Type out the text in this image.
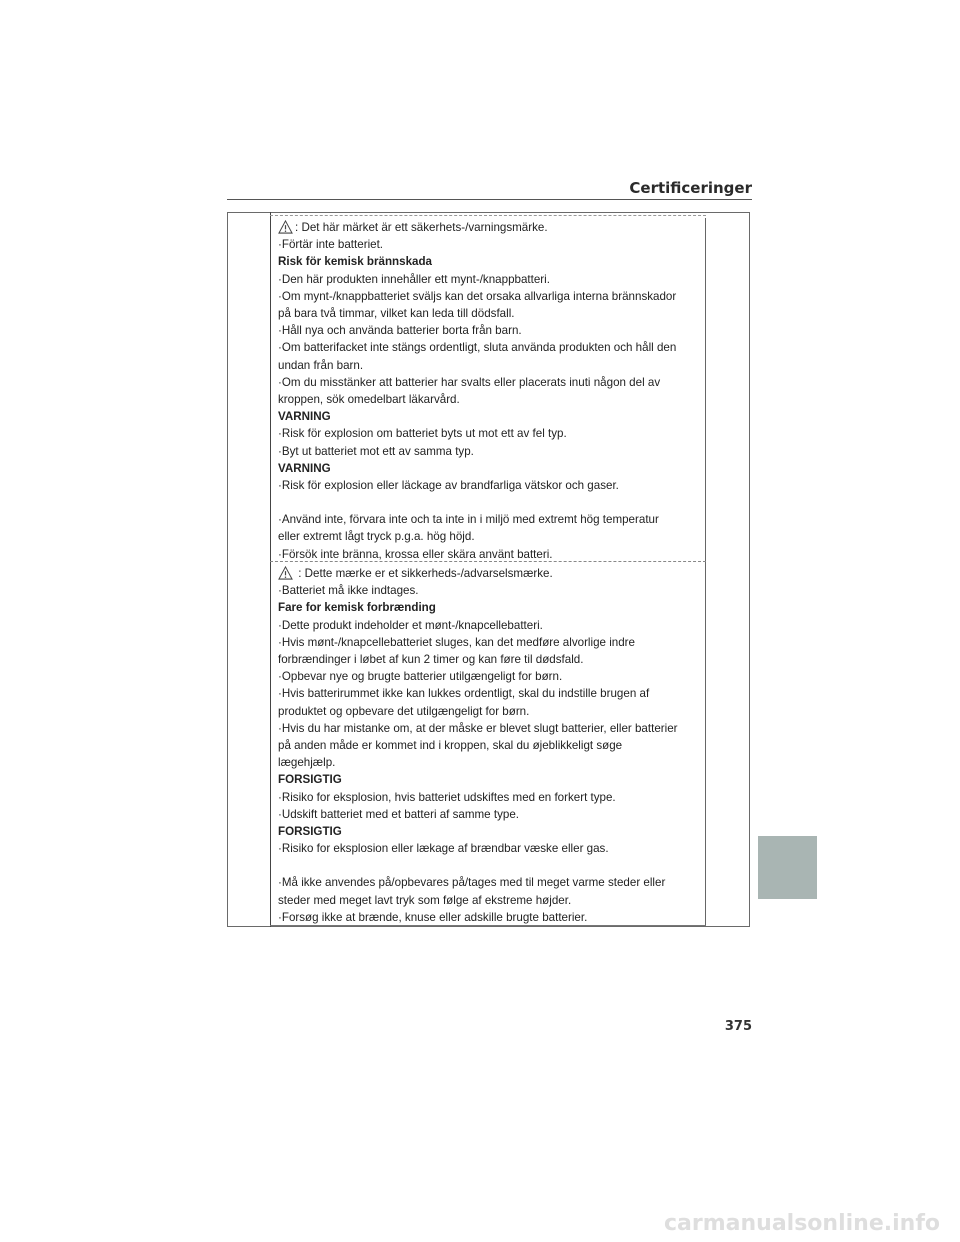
Certificeringer

: Det här märket är ett säkerhets-/varningsmärke.

·Förtär inte batteriet.

Risk för kemisk brännskada

·Den här produkten innehåller ett mynt-/knappbatteri.

·Om mynt-/knappbatteriet sväljs kan det orsaka allvarliga interna brännskador

på bara två timmar, vilket kan leda till dödsfall.

·Håll nya och använda batterier borta från barn.

·Om batterifacket inte stängs ordentligt, sluta använda produkten och håll den

undan från barn.

·Om du misstänker att batterier har svalts eller placerats inuti någon del av

kroppen, sök omedelbart läkarvård.

VARNING

·Risk för explosion om batteriet byts ut mot ett av fel typ.

·Byt ut batteriet mot ett av samma typ.

VARNING

·Risk för explosion eller läckage av brandfarliga vätskor och gaser.

·Använd inte, förvara inte och ta inte in i miljö med extremt hög temperatur

eller extremt lågt tryck p.g.a. hög höjd.

·Försök inte bränna, krossa eller skära använt batteri.

: Dette mærke er et sikkerheds-/advarselsmærke.

·Batteriet må ikke indtages.

Fare for kemisk forbrænding

·Dette produkt indeholder et mønt-/knapcellebatteri.

·Hvis mønt-/knapcellebatteriet sluges, kan det medføre alvorlige indre

forbrændinger i løbet af kun 2 timer og kan føre til dødsfald.

·Opbevar nye og brugte batterier utilgængeligt for børn.

·Hvis batterirummet ikke kan lukkes ordentligt, skal du indstille brugen af

produktet og opbevare det utilgængeligt for børn.

·Hvis du har mistanke om, at der måske er blevet slugt batterier, eller batterier

på anden måde er kommet ind i kroppen, skal du øjeblikkeligt søge

lægehjælp.

FORSIGTIG

·Risiko for eksplosion, hvis batteriet udskiftes med en forkert type.

·Udskift batteriet med et batteri af samme type.

FORSIGTIG

·Risiko for eksplosion eller lækage af brændbar væske eller gas.

·Må ikke anvendes på/opbevares på/tages med til meget varme steder eller

steder med meget lavt tryk som følge af ekstreme højder.

·Forsøg ikke at brænde, knuse eller adskille brugte batterier.

375
carmanualsonline.info
